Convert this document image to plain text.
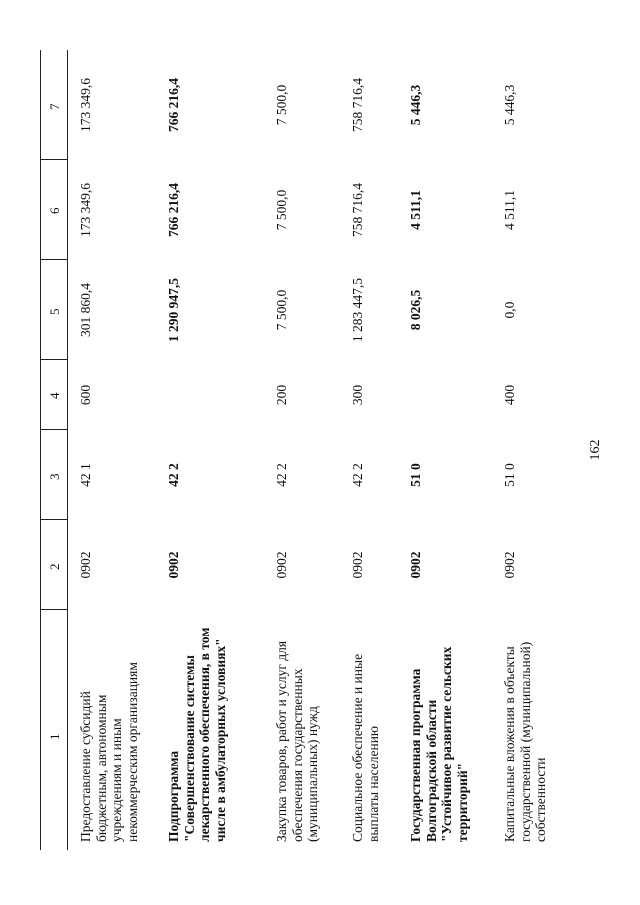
162
1
2
3
4
5
6
7
Предоставление субсидий бюджетным, автономным учреждениям и иным некоммерческим организациям
0902
42 1
600
301 860,4
173 349,6
173 349,6
Подпрограмма "Совершенствование системы лекарственного обеспечения, в том числе в амбулаторных условиях"
0902
42 2
1 290 947,5
766 216,4
766 216,4
Закупка товаров, работ и услуг для обеспечения государственных (муниципальных) нужд
0902
42 2
200
7 500,0
7 500,0
7 500,0
Социальное обеспечение и иные выплаты населению
0902
42 2
300
1 283 447,5
758 716,4
758 716,4
Государственная программа Волгоградской области "Устойчивое развитие сельских территорий"
0902
51 0
8 026,5
4 511,1
5 446,3
Капитальные вложения в объекты государственной (муниципальной) собственности
0902
51 0
400
0,0
4 511,1
5 446,3
